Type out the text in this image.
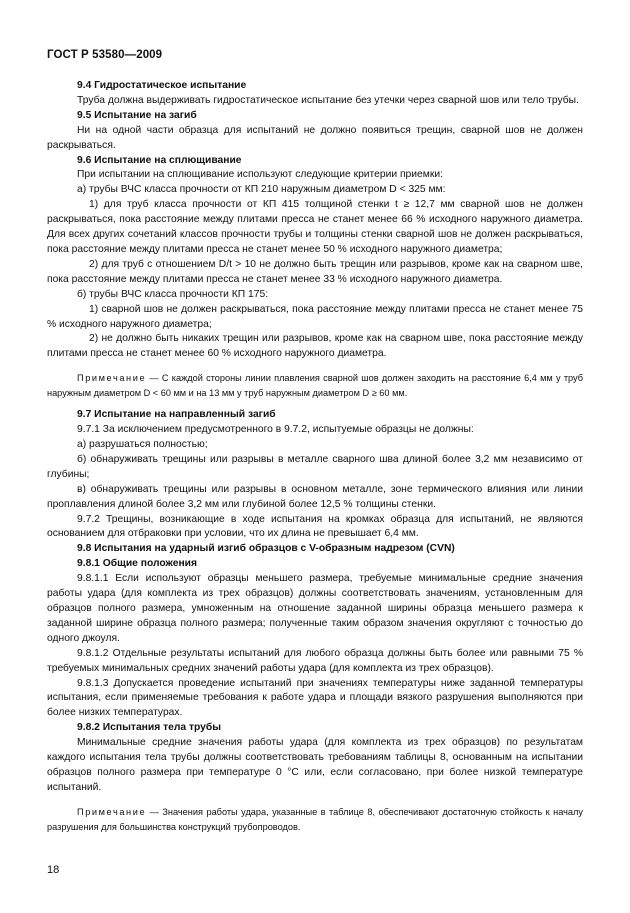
ГОСТ Р 53580—2009

9.4 Гидростатическое испытание

Труба должна выдерживать гидростатическое испытание без утечки через сварной шов или тело трубы.

9.5 Испытание на загиб

Ни на одной части образца для испытаний не должно появиться трещин, сварной шов не должен раскрываться.

9.6 Испытание на сплющивание

При испытании на сплющивание используют следующие критерии приемки:

а) трубы ВЧС класса прочности от КП 210 наружным диаметром D < 325 мм:

1) для труб класса прочности от КП 415 толщиной стенки t ≥ 12,7 мм сварной шов не должен раскрываться, пока расстояние между плитами пресса не станет менее 66 % исходного наружного диаметра. Для всех других сочетаний классов прочности трубы и толщины стенки сварной шов не должен раскрываться, пока расстояние между плитами пресса не станет менее 50 % исходного наружного диаметра;

2) для труб с отношением D/t > 10 не должно быть трещин или разрывов, кроме как на сварном шве, пока расстояние между плитами пресса не станет менее 33 % исходного наружного диаметра.

б) трубы ВЧС класса прочности КП 175:

1) сварной шов не должен раскрываться, пока расстояние между плитами пресса не станет менее 75 % исходного наружного диаметра;

2) не должно быть никаких трещин или разрывов, кроме как на сварном шве, пока расстояние между плитами пресса не станет менее 60 % исходного наружного диаметра.

Примечание — С каждой стороны линии плавления сварной шов должен заходить на расстояние 6,4 мм у труб наружным диаметром D < 60 мм и на 13 мм у труб наружным диаметром D ≥ 60 мм.

9.7 Испытание на направленный загиб

9.7.1 За исключением предусмотренного в 9.7.2, испытуемые образцы не должны:

а) разрушаться полностью;

б) обнаруживать трещины или разрывы в металле сварного шва длиной более 3,2 мм независимо от глубины;

в) обнаруживать трещины или разрывы в основном металле, зоне термического влияния или линии проплавления длиной более 3,2 мм или глубиной более 12,5 % толщины стенки.

9.7.2 Трещины, возникающие в ходе испытания на кромках образца для испытаний, не являются основанием для отбраковки при условии, что их длина не превышает 6,4 мм.

9.8 Испытания на ударный изгиб образцов с V-образным надрезом (CVN)

9.8.1 Общие положения

9.8.1.1 Если используют образцы меньшего размера, требуемые минимальные средние значения работы удара (для комплекта из трех образцов) должны соответствовать значениям, установленным для образцов полного размера, умноженным на отношение заданной ширины образца меньшего размера к заданной ширине образца полного размера; полученные таким образом значения округляют с точностью до одного джоуля.

9.8.1.2 Отдельные результаты испытаний для любого образца должны быть более или равными 75 % требуемых минимальных средних значений работы удара (для комплекта из трех образцов).

9.8.1.3 Допускается проведение испытаний при значениях температуры ниже заданной температуры испытания, если применяемые требования к работе удара и площади вязкого разрушения выполняются при более низких температурах.

9.8.2 Испытания тела трубы

Минимальные средние значения работы удара (для комплекта из трех образцов) по результатам каждого испытания тела трубы должны соответствовать требованиям таблицы 8, основанным на испытании образцов полного размера при температуре 0 °С или, если согласовано, при более низкой температуре испытаний.

Примечание — Значения работы удара, указанные в таблице 8, обеспечивают достаточную стойкость к началу разрушения для большинства конструкций трубопроводов.

18
